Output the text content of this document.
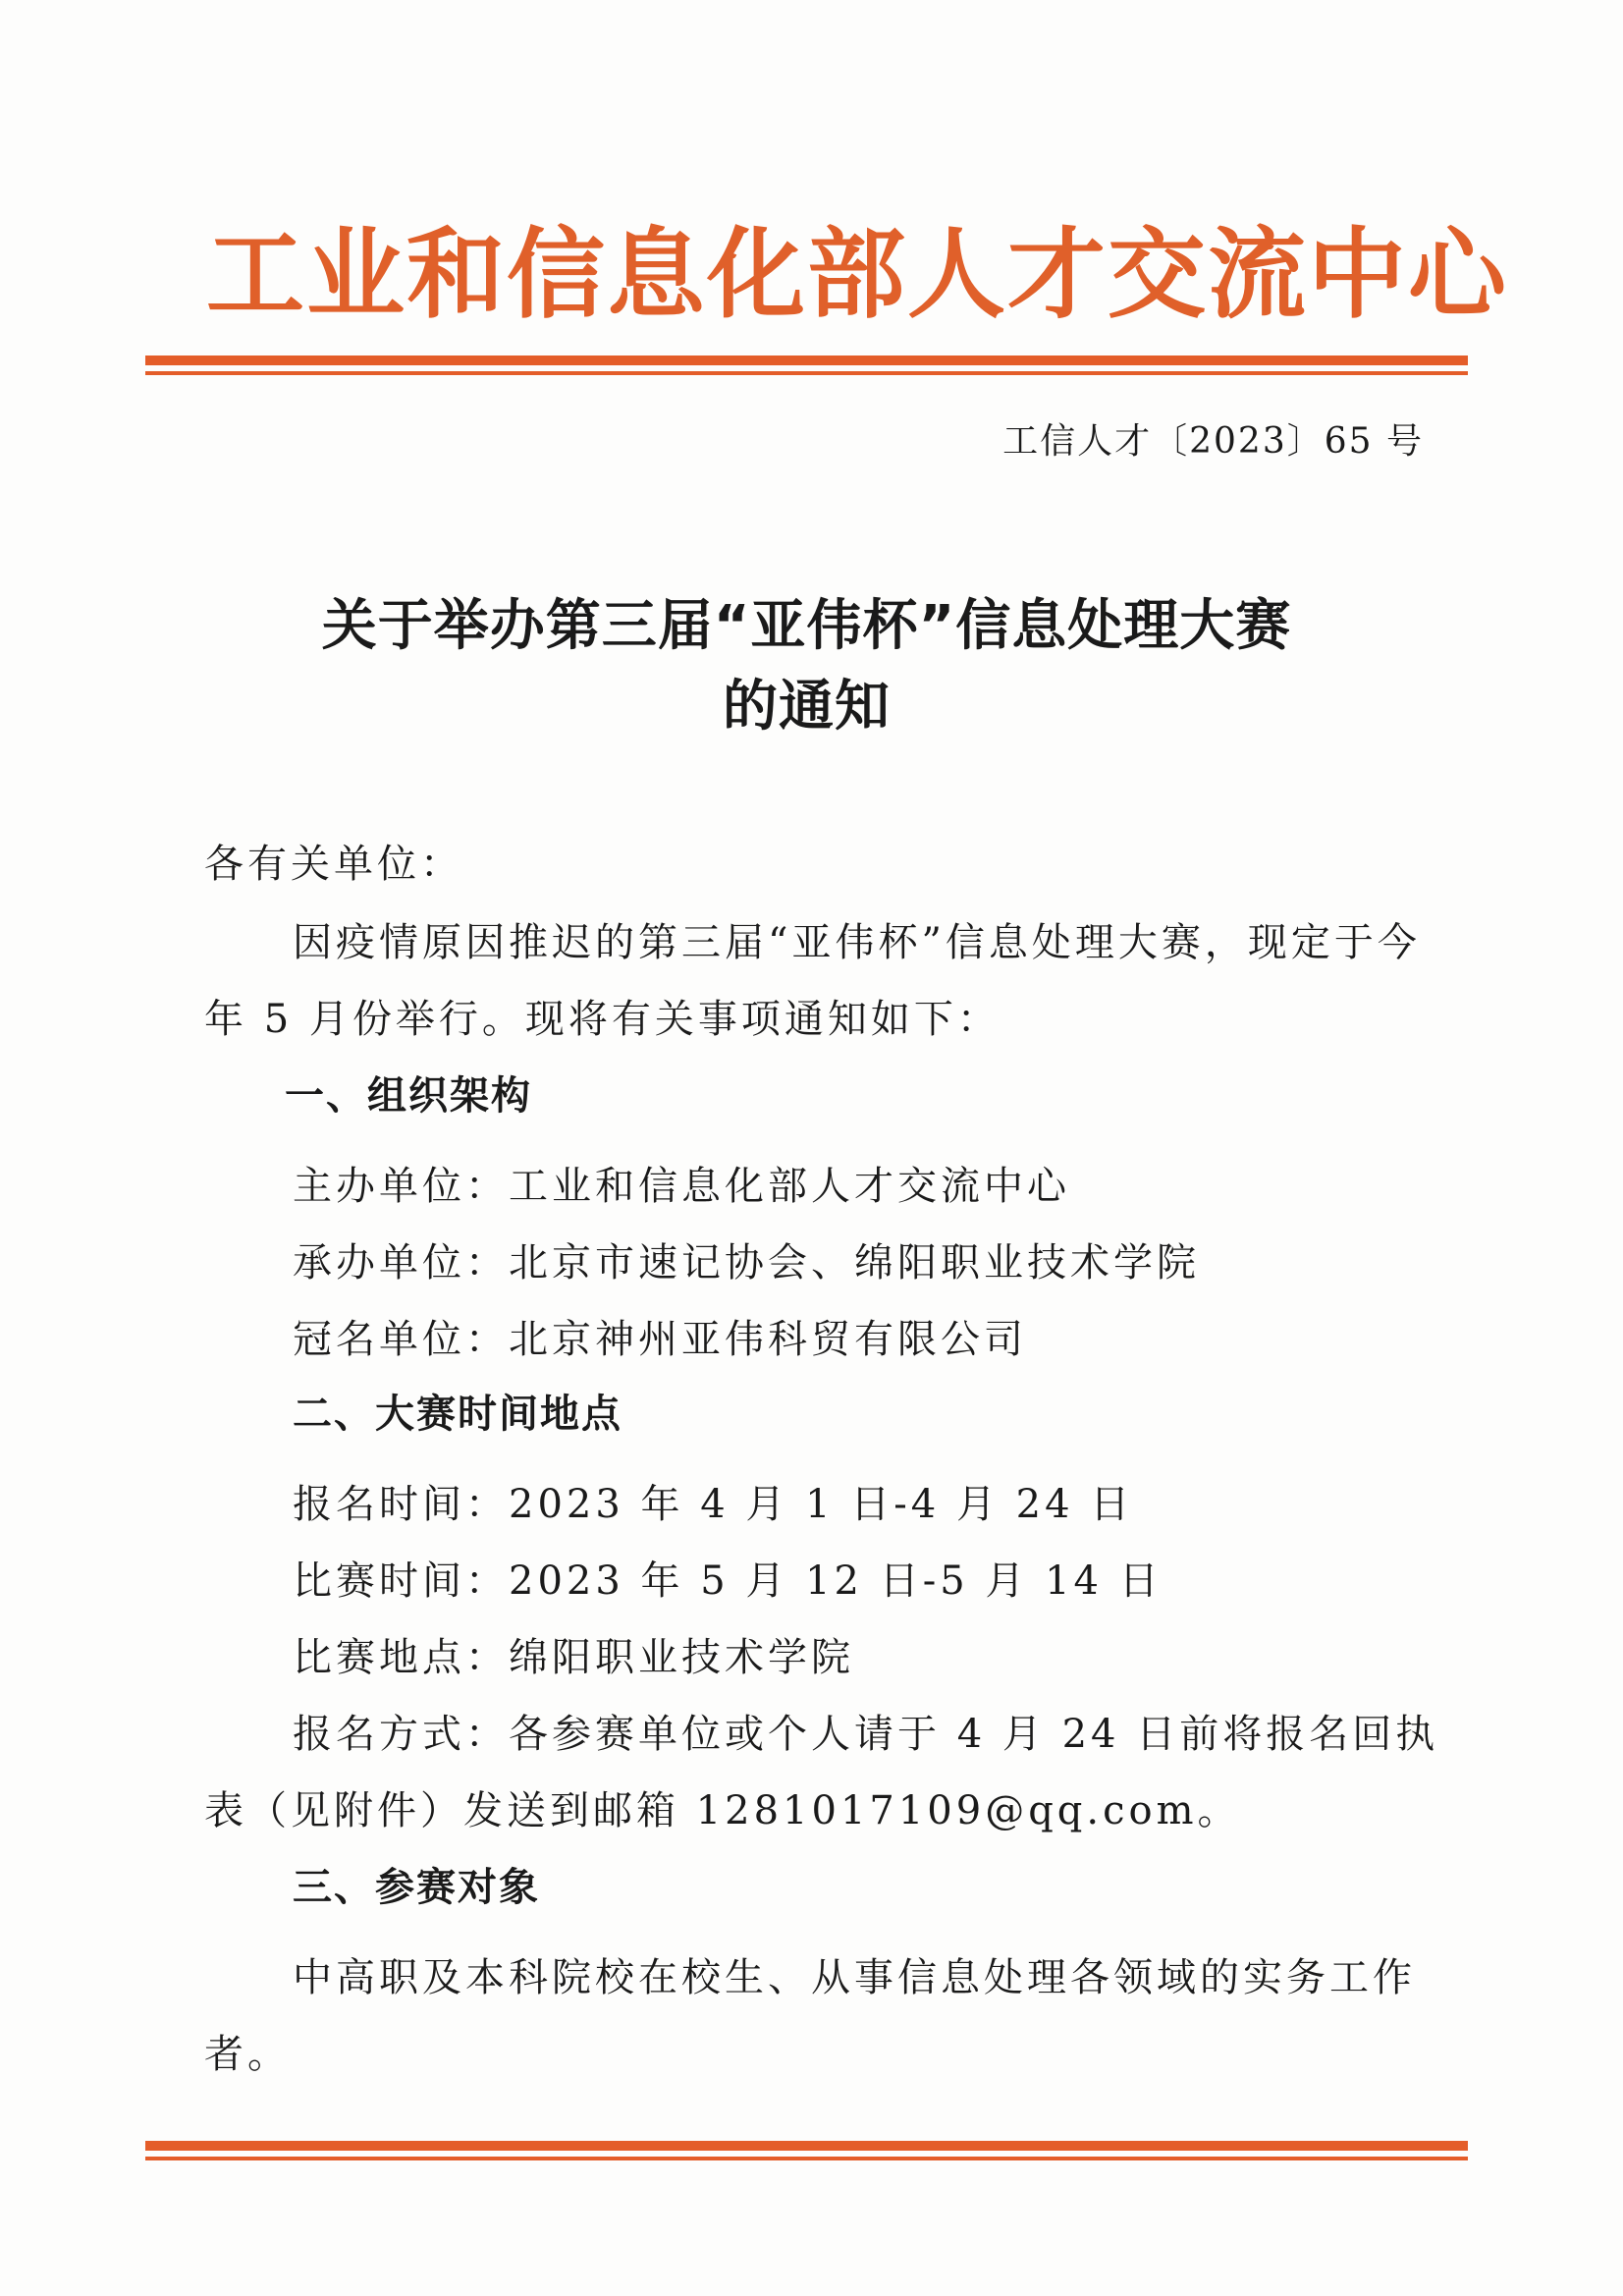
工业和信息化部人才交流中心
工信人才〔2023〕65 号
关于举办第三届“亚伟杯”信息处理大赛
的通知
各有关单位：
因疫情原因推迟的第三届“亚伟杯”信息处理大赛，现定于今
年 5 月份举行。现将有关事项通知如下：
一、组织架构
主办单位：工业和信息化部人才交流中心
承办单位：北京市速记协会、绵阳职业技术学院
冠名单位：北京神州亚伟科贸有限公司
二、大赛时间地点
报名时间：2023 年 4 月 1 日-4 月 24 日
比赛时间：2023 年 5 月 12 日-5 月 14 日
比赛地点：绵阳职业技术学院
报名方式：各参赛单位或个人请于 4 月 24 日前将报名回执
表（见附件）发送到邮箱 1281017109@qq.com。
三、参赛对象
中高职及本科院校在校生、从事信息处理各领域的实务工作
者。
